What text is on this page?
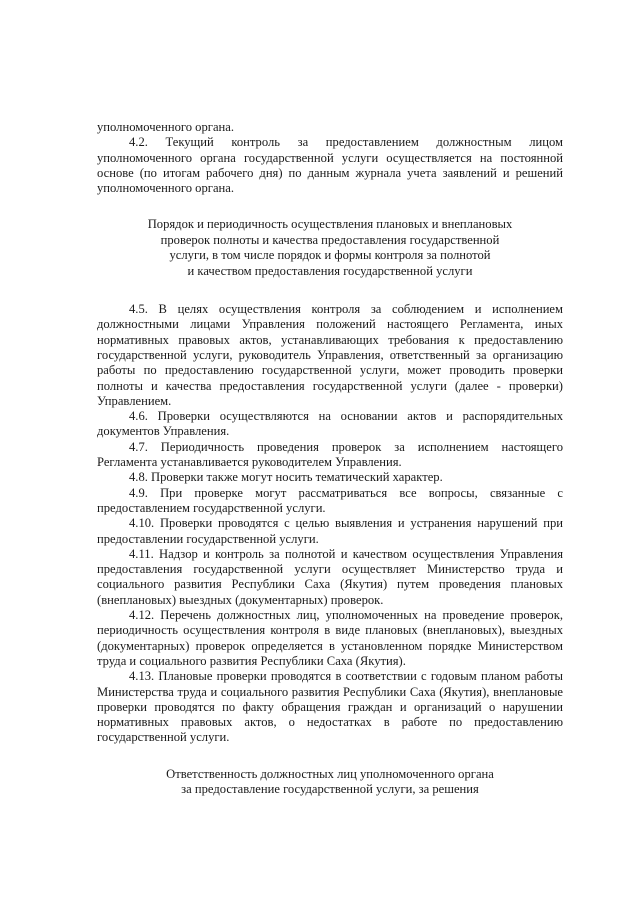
уполномоченного органа.

4.2. Текущий контроль за предоставлением должностным лицом уполномоченного органа государственной услуги осуществляется на постоянной основе (по итогам рабочего дня) по данным журнала учета заявлений и решений уполномоченного органа.

Порядок и периодичность осуществления плановых и внеплановых
проверок полноты и качества предоставления государственной
услуги, в том числе порядок и формы контроля за полнотой
и качеством предоставления государственной услуги

4.5. В целях осуществления контроля за соблюдением и исполнением должностными лицами Управления положений настоящего Регламента, иных нормативных правовых актов, устанавливающих требования к предоставлению государственной услуги, руководитель Управления, ответственный за организацию работы по предоставлению государственной услуги, может проводить проверки полноты и качества предоставления государственной услуги (далее - проверки) Управлением.

4.6. Проверки осуществляются на основании актов и распорядительных документов Управления.

4.7. Периодичность проведения проверок за исполнением настоящего Регламента устанавливается руководителем Управления.

4.8. Проверки также могут носить тематический характер.

4.9. При проверке могут рассматриваться все вопросы, связанные с предоставлением государственной услуги.

4.10. Проверки проводятся с целью выявления и устранения нарушений при предоставлении государственной услуги.

4.11. Надзор и контроль за полнотой и качеством осуществления Управления предоставления государственной услуги осуществляет Министерство труда и социального развития Республики Саха (Якутия) путем проведения плановых (внеплановых) выездных (документарных) проверок.

4.12. Перечень должностных лиц, уполномоченных на проведение проверок, периодичность осуществления контроля в виде плановых (внеплановых), выездных (документарных) проверок определяется в установленном порядке Министерством труда и социального развития Республики Саха (Якутия).

4.13. Плановые проверки проводятся в соответствии с годовым планом работы Министерства труда и социального развития Республики Саха (Якутия), внеплановые проверки проводятся по факту обращения граждан и организаций о нарушении нормативных правовых актов, о недостатках в работе по предоставлению государственной услуги.

Ответственность должностных лиц уполномоченного органа
за предоставление государственной услуги, за решения
